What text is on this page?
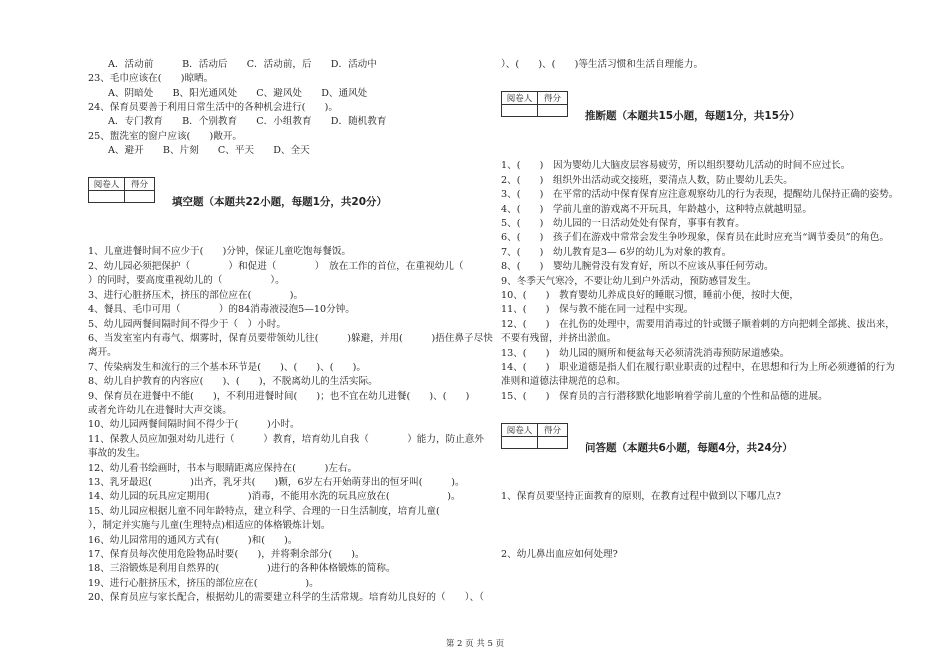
A．活动前　　　B．活动后　　C．活动前，后　　D．活动中
23、毛巾应该在(　　)晾晒。
A、阴暗处　　B、阳光通风处　　C、避风处　　D、通风处
24、保育员要善于利用日常生活中的各种机会进行(　　)。
A．专门教育　　B．个别教育　　C．小组教育　　D．随机教育
25、盥洗室的窗户应该(　　)敞开。
A、避开　　B、片刻　　C、平天　　D、全天
阅卷人	得分

填空题（本题共22小题，每题1分，共20分）
1、儿童进餐时间不应少于(　　)分钟，保证儿童吃饱每餐饭。
2、幼儿园必须把保护（　　　　）和促进（　　　　）　放在工作的首位，在重视幼儿（
）的同时，要高度重视幼儿的（　　　　　）。
3、进行心脏挤压术，挤压的部位应在(　　　　)。
4、餐具、毛巾可用（　　　　）的84消毒液浸泡5—10分钟。
5、幼儿园两餐间隔时间不得少于（　）小时。
6、当发室室内有毒气、烟雾时，保育员要带领幼儿往(　　　)躲避，并用(　　　)捂住鼻子尽快
离开。
7、传染病发生和流行的三个基本环节是(　　)、(　　)、(　　)。
8、幼儿自护教育的内容应(　　)、(　　)，不脱离幼儿的生活实际。
9、保育员在进餐中不能(　　)，不利用进餐时间(　　)；也不宜在幼儿进餐(　　)、(　　)
或者允许幼儿在进餐时大声交谈。
10、幼儿园两餐间隔时间不得少于(　　　)小时。
11、保教人员应加强对幼儿进行（　　　）教育，培育幼儿自我（　　　　）能力，防止意外
事故的发生。
12、幼儿看书绘画时，书本与眼睛距离应保持在(　　　)左右。
13、乳牙最迟(　　　　)出齐，乳牙共(　　)颗，6岁左右开始萌芽出的恒牙叫(　　　)。
14、幼儿园的玩具应定期用(　　　　)消毒，不能用水洗的玩具应放在(　　　　　　)。
15、幼儿园应根据儿童不同年龄特点，建立科学、合理的一日生活制度，培育儿童(
），制定并实施与儿童(生理特点)相适应的体格锻炼计划。
16、幼儿园常用的通风方式有(　　　)和(　　)。
17、保育员每次使用危险物品时要(　　)，并将剩余部分(　　)。
18、三浴锻炼是利用自然界的(　　　　　)进行的各种体格锻炼的简称。
19、进行心脏挤压术，挤压的部位应在(　　　　　)。
20、保育员应与家长配合，根据幼儿的需要建立科学的生活常规。培育幼儿良好的（　　）、（
）、(　　)、(　　)等生活习惯和生活自理能力。
阅卷人	得分

推断题（本题共15小题，每题1分，共15分）
1、(　　)　因为婴幼儿大脑皮层容易疲劳，所以组织婴幼儿活动的时间不应过长。
2、(　　)　组织外出活动或交接班，要清点人数，防止婴幼儿丢失。
3、(　　)　在平常的活动中保育保育应注意观察幼儿的行为表现，提醒幼儿保持正确的姿势。
4、(　　)　学前儿童的游戏离不开玩具，年龄越小，这种特点就越明显。
5、(　　)　幼儿园的一日活动处处有保育，事事有教育。
6、(　　)　孩子们在游戏中常常会发生争吵现象，保育员在此时应充当“调节委员”的角色。
7、(　　)　幼儿教育是3— 6岁的幼儿为对象的教育。
8、(　　)　婴幼儿腕骨没有发育好，所以不应该从事任何劳动。
9、冬季天气寒冷，不要让幼儿到户外活动，预防感冒发生。
10、(　　)　教育婴幼儿养成良好的睡眠习惯，睡前小便，按时大便，
11、(　　)　保与教不能在同一过程中实现。
12、(　　)　在扎伤的处理中，需要用消毒过的针或镊子顺着刺的方向把刺全部挑、拔出来，
不要有残留，并挤出淤血。
13、(　　)　幼儿园的厕所和便盆每天必须清洗消毒预防尿道感染。
14、(　　)　职业道德是指人们在履行职业职责的过程中，在思想和行为上所必须遵循的行为
准则和道德法律规范的总和。
15、(　　)　保育员的言行潜移默化地影响着学前儿童的个性和品德的进展。
阅卷人	得分

问答题（本题共6小题，每题4分，共24分）
1、保育员要坚持正面教育的原则，在教育过程中做到以下哪几点?
2、幼儿鼻出血应如何处理?
第 2 页 共 5 页
